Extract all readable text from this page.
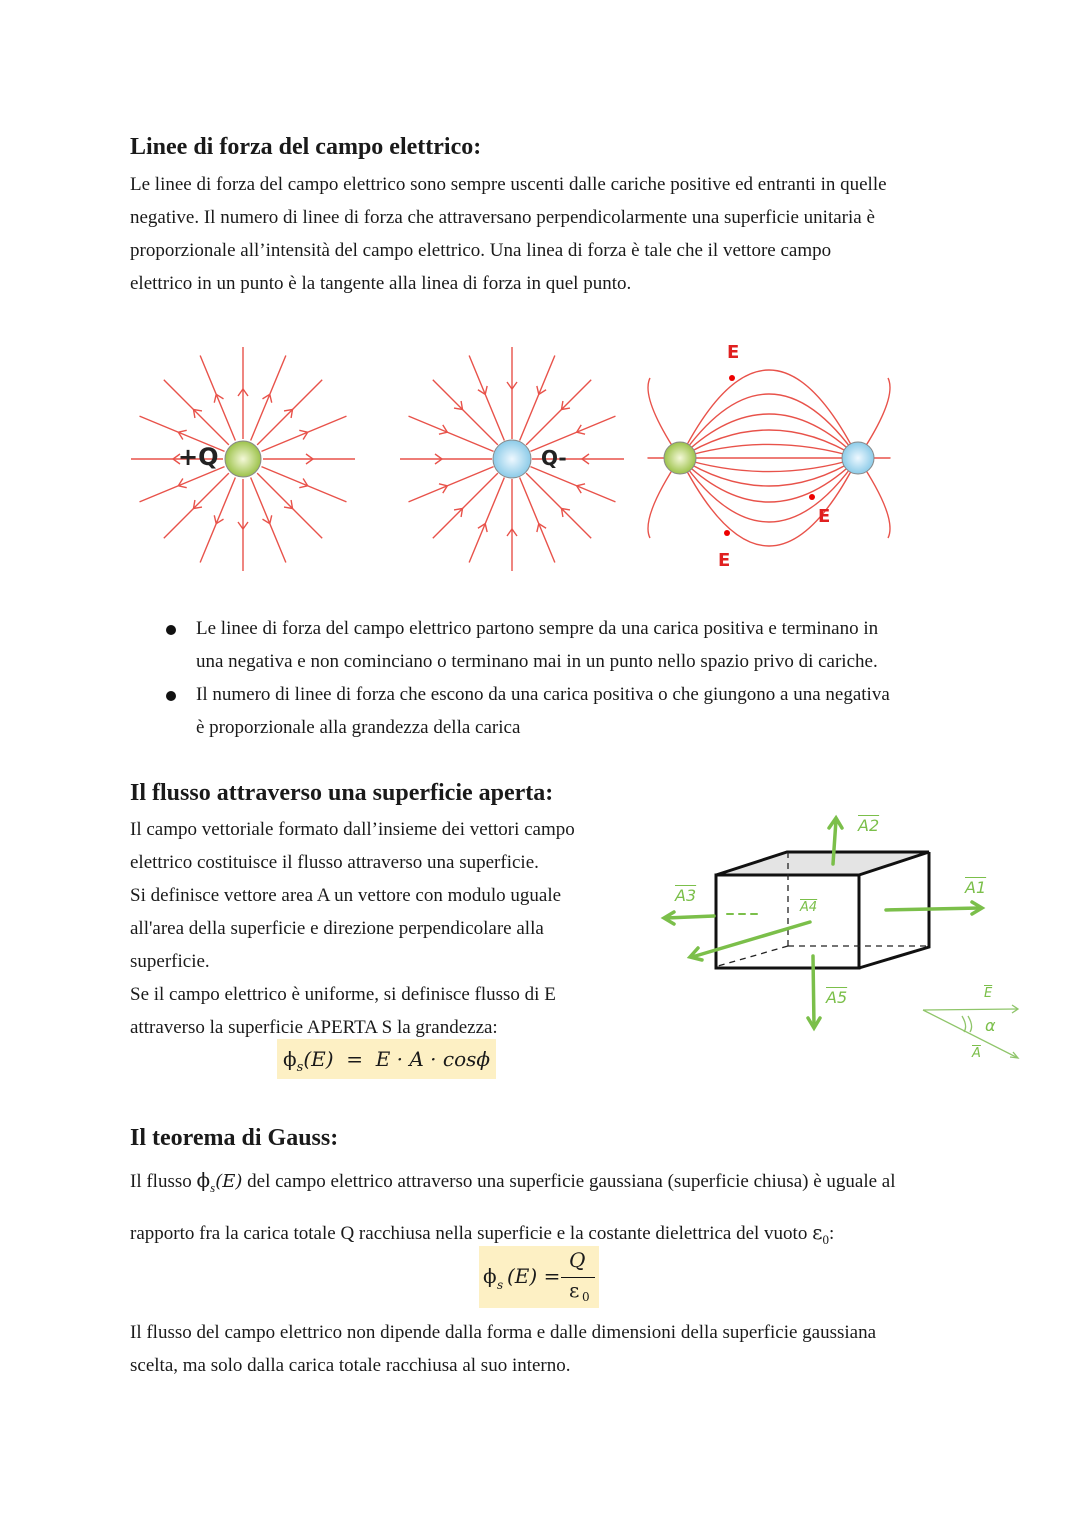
Linee di forza del campo elettrico:
Le linee di forza del campo elettrico sono sempre uscenti dalle cariche positive ed entranti in quelle
negative. Il numero di linee di forza che attraversano perpendicolarmente una superficie unitaria è
proporzionale all’intensità del campo elettrico. Una linea di forza è tale che il vettore campo
elettrico in un punto è la tangente alla linea di forza in quel punto.
+Q	Q-
E
E
E
Le linee di forza del campo elettrico partono sempre da una carica positiva e terminano in
una negativa e non cominciano o terminano mai in un punto nello spazio privo di cariche.
Il numero di linee di forza che escono da una carica positiva o che giungono a una negativa
è proporzionale alla grandezza della carica
Il flusso attraverso una superficie aperta:
Il campo vettoriale formato dall’insieme dei vettori campo
elettrico costituisce il flusso attraverso una superficie.
Si definisce vettore area A un vettore con modulo uguale
all'area della superficie e direzione perpendicolare alla
superficie.
Se il campo elettrico è uniforme, si definisce flusso di E
attraverso la superficie APERTA S la grandezza:
$\phi_s(E) = E \cdot A \cdot \cos\phi$
A2
A1
A3
A4
A5	$\overline{E}$
$\overline{A}$
α
Il teorema di Gauss:
Il flusso $\phi_s(E)$ del campo elettrico attraverso una superficie gaussiana (superficie chiusa) è uguale al
rapporto fra la carica totale Q racchiusa nella superficie e la costante dielettrica del vuoto $\varepsilon_0$:
ϕ s (E) =
Q
ε 0
Il flusso del campo elettrico non dipende dalla forma e dalle dimensioni della superficie gaussiana
scelta, ma solo dalla carica totale racchiusa al suo interno.
